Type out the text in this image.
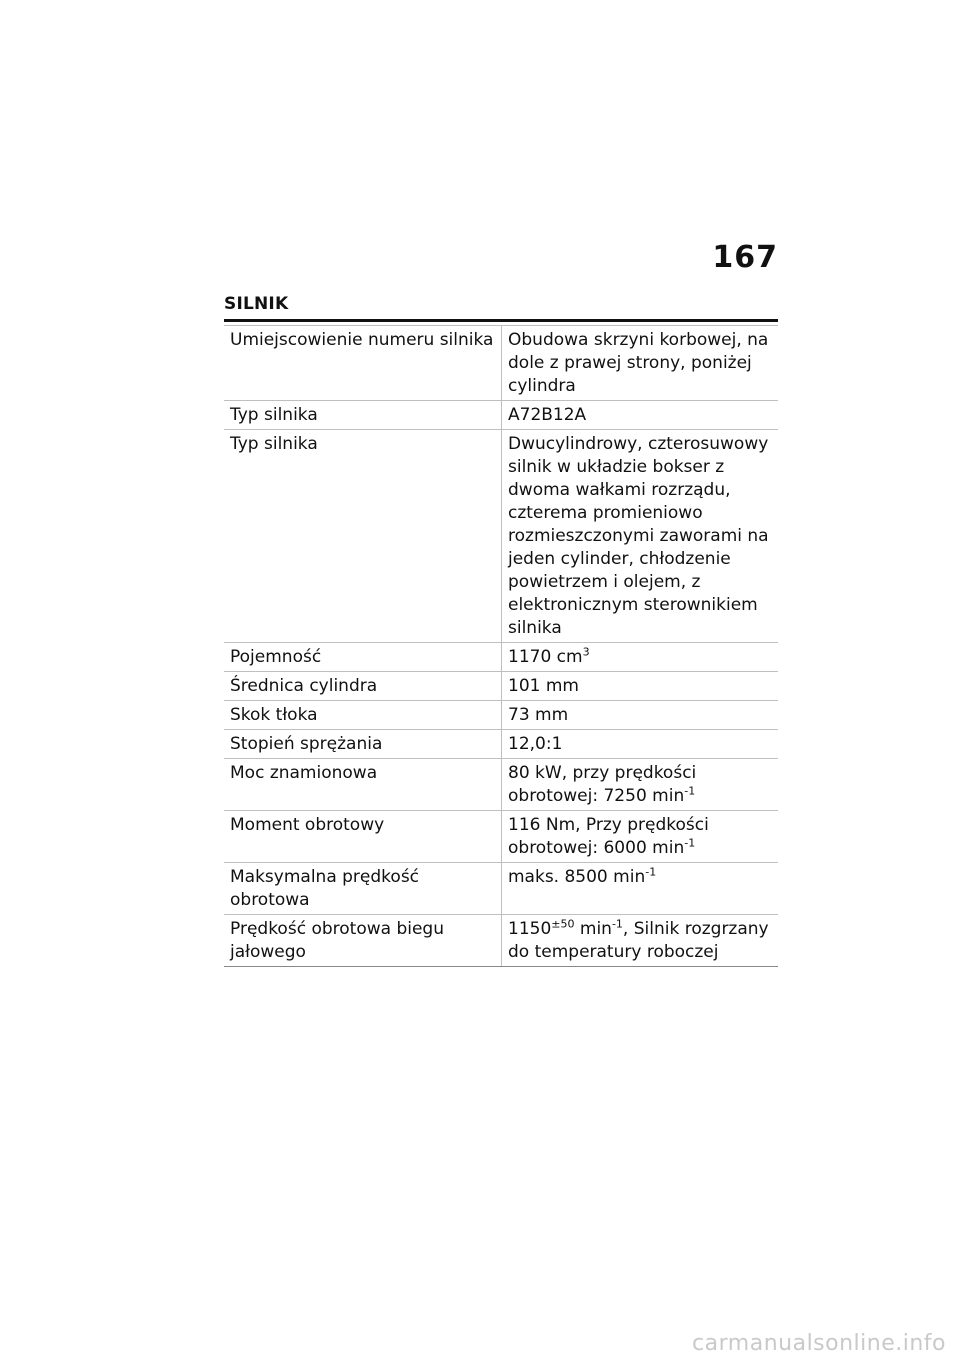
167
SILNIK
Umiejscowienie numeru silnika	Obudowa skrzyni korbowej, na dole z prawej strony, poniżej cylindra
Typ silnika	A72B12A
Typ silnika	Dwucylindrowy, czterosuwowy silnik w układzie bokser z dwoma wałkami rozrządu, czterema promieniowo rozmieszczonymi zaworami na jeden cylinder, chłodzenie powietrzem i olejem, z elektronicznym sterownikiem silnika
Pojemność	1170 $cm^3$
Średnica cylindra	101 mm
Skok tłoka	73 mm
Stopień sprężania	12,0:1
Moc znamionowa	80 kW, przy prędkości obrotowej: 7250 $\min^{-1}$
Moment obrotowy	116 Nm, Przy prędkości obrotowej: 6000 $\min^{-1}$
Maksymalna prędkość obrotowa	maks. 8500 $\min^{-1}$
Prędkość obrotowa biegu jałowego	$1150^{\pm 50}$ $\min^{-1}$, Silnik rozgrzany do temperatury roboczej
carmanualsonline.info
